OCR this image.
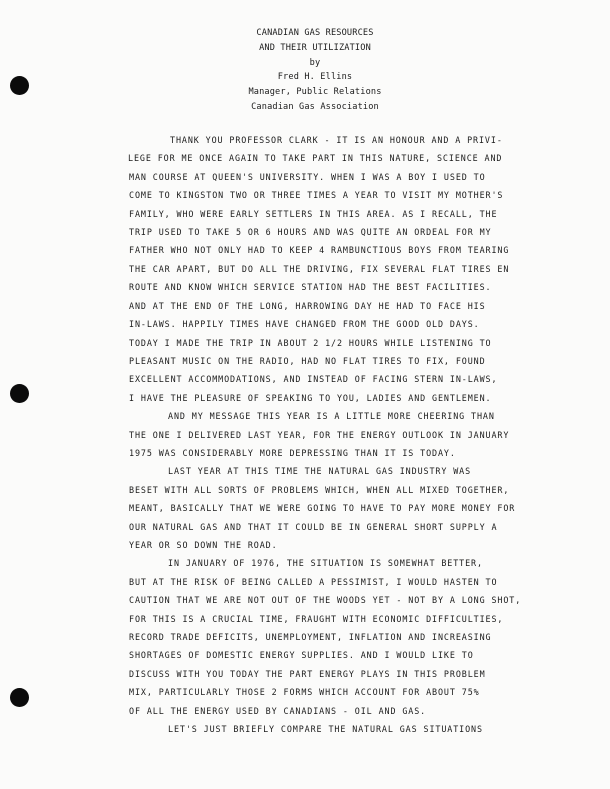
CANADIAN GAS RESOURCES
AND THEIR UTILIZATION
by
Fred H. Ellins
Manager, Public Relations
Canadian Gas Association
THANK YOU PROFESSOR CLARK - IT IS AN HONOUR AND A PRIVI-
LEGE FOR ME ONCE AGAIN TO TAKE PART IN THIS NATURE, SCIENCE AND
MAN COURSE AT QUEEN'S UNIVERSITY. WHEN I WAS A BOY I USED TO
COME TO KINGSTON TWO OR THREE TIMES A YEAR TO VISIT MY MOTHER'S
FAMILY, WHO WERE EARLY SETTLERS IN THIS AREA. AS I RECALL, THE
TRIP USED TO TAKE 5 OR 6 HOURS AND WAS QUITE AN ORDEAL FOR MY
FATHER WHO NOT ONLY HAD TO KEEP 4 RAMBUNCTIOUS BOYS FROM TEARING
THE CAR APART, BUT DO ALL THE DRIVING, FIX SEVERAL FLAT TIRES EN
ROUTE AND KNOW WHICH SERVICE STATION HAD THE BEST FACILITIES.
AND AT THE END OF THE LONG, HARROWING DAY HE HAD TO FACE HIS
IN-LAWS. HAPPILY TIMES HAVE CHANGED FROM THE GOOD OLD DAYS.
TODAY I MADE THE TRIP IN ABOUT 2 1/2 HOURS WHILE LISTENING TO
PLEASANT MUSIC ON THE RADIO, HAD NO FLAT TIRES TO FIX, FOUND
EXCELLENT ACCOMMODATIONS, AND INSTEAD OF FACING STERN IN-LAWS,
I HAVE THE PLEASURE OF SPEAKING TO YOU, LADIES AND GENTLEMEN.
AND MY MESSAGE THIS YEAR IS A LITTLE MORE CHEERING THAN
THE ONE I DELIVERED LAST YEAR, FOR THE ENERGY OUTLOOK IN JANUARY
1975 WAS CONSIDERABLY MORE DEPRESSING THAN IT IS TODAY.
LAST YEAR AT THIS TIME THE NATURAL GAS INDUSTRY WAS
BESET WITH ALL SORTS OF PROBLEMS WHICH, WHEN ALL MIXED TOGETHER,
MEANT, BASICALLY THAT WE WERE GOING TO HAVE TO PAY MORE MONEY FOR
OUR NATURAL GAS AND THAT IT COULD BE IN GENERAL SHORT SUPPLY A
YEAR OR SO DOWN THE ROAD.
IN JANUARY OF 1976, THE SITUATION IS SOMEWHAT BETTER,
BUT AT THE RISK OF BEING CALLED A PESSIMIST, I WOULD HASTEN TO
CAUTION THAT WE ARE NOT OUT OF THE WOODS YET - NOT BY A LONG SHOT,
FOR THIS IS A CRUCIAL TIME, FRAUGHT WITH ECONOMIC DIFFICULTIES,
RECORD TRADE DEFICITS, UNEMPLOYMENT, INFLATION AND INCREASING
SHORTAGES OF DOMESTIC ENERGY SUPPLIES. AND I WOULD LIKE TO
DISCUSS WITH YOU TODAY THE PART ENERGY PLAYS IN THIS PROBLEM
MIX, PARTICULARLY THOSE 2 FORMS WHICH ACCOUNT FOR ABOUT 75%
OF ALL THE ENERGY USED BY CANADIANS - OIL AND GAS.
LET'S JUST BRIEFLY COMPARE THE NATURAL GAS SITUATIONS
